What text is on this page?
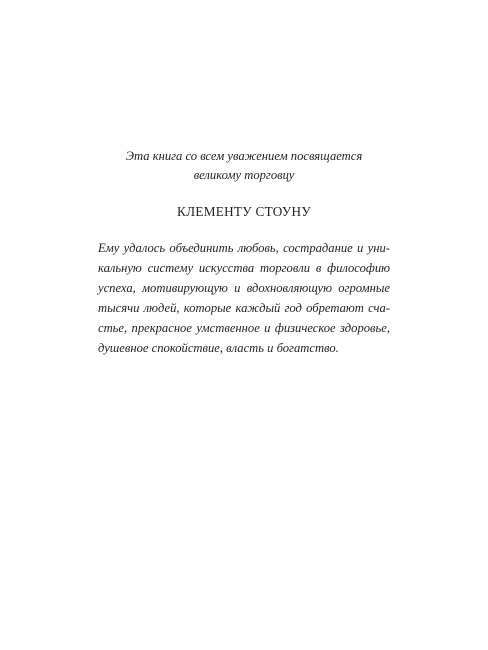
Эта книга со всем уважением посвящается
великому торговцу
КЛЕМЕНТУ СТОУНУ
Ему удалось объединить любовь, сострадание и уни-
кальную систему искусства торговли в философию
успеха, мотивирующую и вдохновляющую огромные
тысячи людей, которые каждый год обретают сча-
стье, прекрасное умственное и физическое здоровье,
душевное спокойствие, власть и богатство.
